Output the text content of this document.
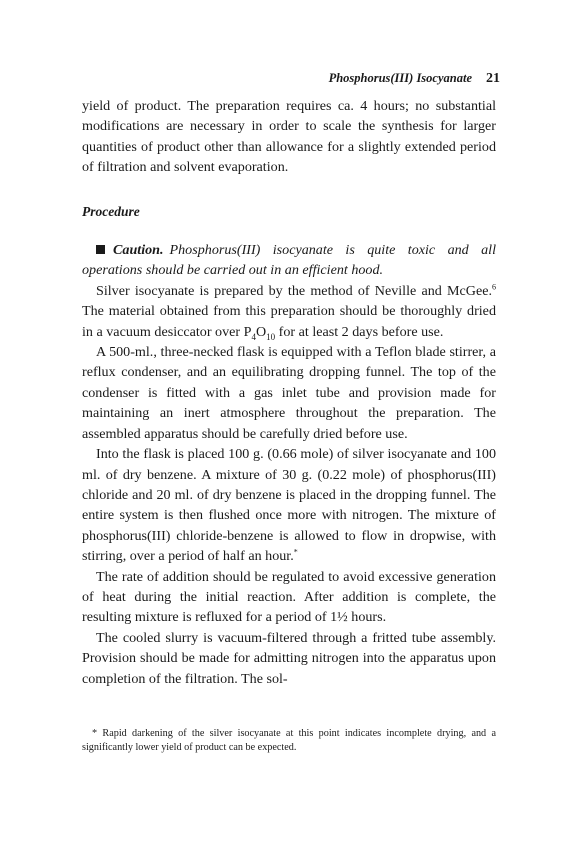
Phosphorus(III) Isocyanate 21

yield of product. The preparation requires ca. 4 hours; no substantial modifications are necessary in order to scale the synthesis for larger quantities of product other than allowance for a slightly extended period of filtration and solvent evaporation.

Procedure

Caution. Phosphorus(III) isocyanate is quite toxic and all operations should be carried out in an efficient hood.

Silver isocyanate is prepared by the method of Neville and McGee.$^6$ The material obtained from this preparation should be thoroughly dried in a vacuum desiccator over $P_4O_{10}$ for at least 2 days before use.

A 500-ml., three-necked flask is equipped with a Teflon blade stirrer, a reflux condenser, and an equilibrating dropping funnel. The top of the condenser is fitted with a gas inlet tube and provision made for maintaining an inert atmosphere throughout the preparation. The assembled apparatus should be carefully dried before use.

Into the flask is placed 100 g. (0.66 mole) of silver isocyanate and 100 ml. of dry benzene. A mixture of 30 g. (0.22 mole) of phosphorus(III) chloride and 20 ml. of dry benzene is placed in the dropping funnel. The entire system is then flushed once more with nitrogen. The mixture of phosphorus(III) chloride-benzene is allowed to flow in dropwise, with stirring, over a period of half an hour.*

The rate of addition should be regulated to avoid excessive generation of heat during the initial reaction. After addition is complete, the resulting mixture is refluxed for a period of 1½ hours.

The cooled slurry is vacuum-filtered through a fritted tube assembly. Provision should be made for admitting nitrogen into the apparatus upon completion of the filtration. The sol-

* Rapid darkening of the silver isocyanate at this point indicates incomplete drying, and a significantly lower yield of product can be expected.
